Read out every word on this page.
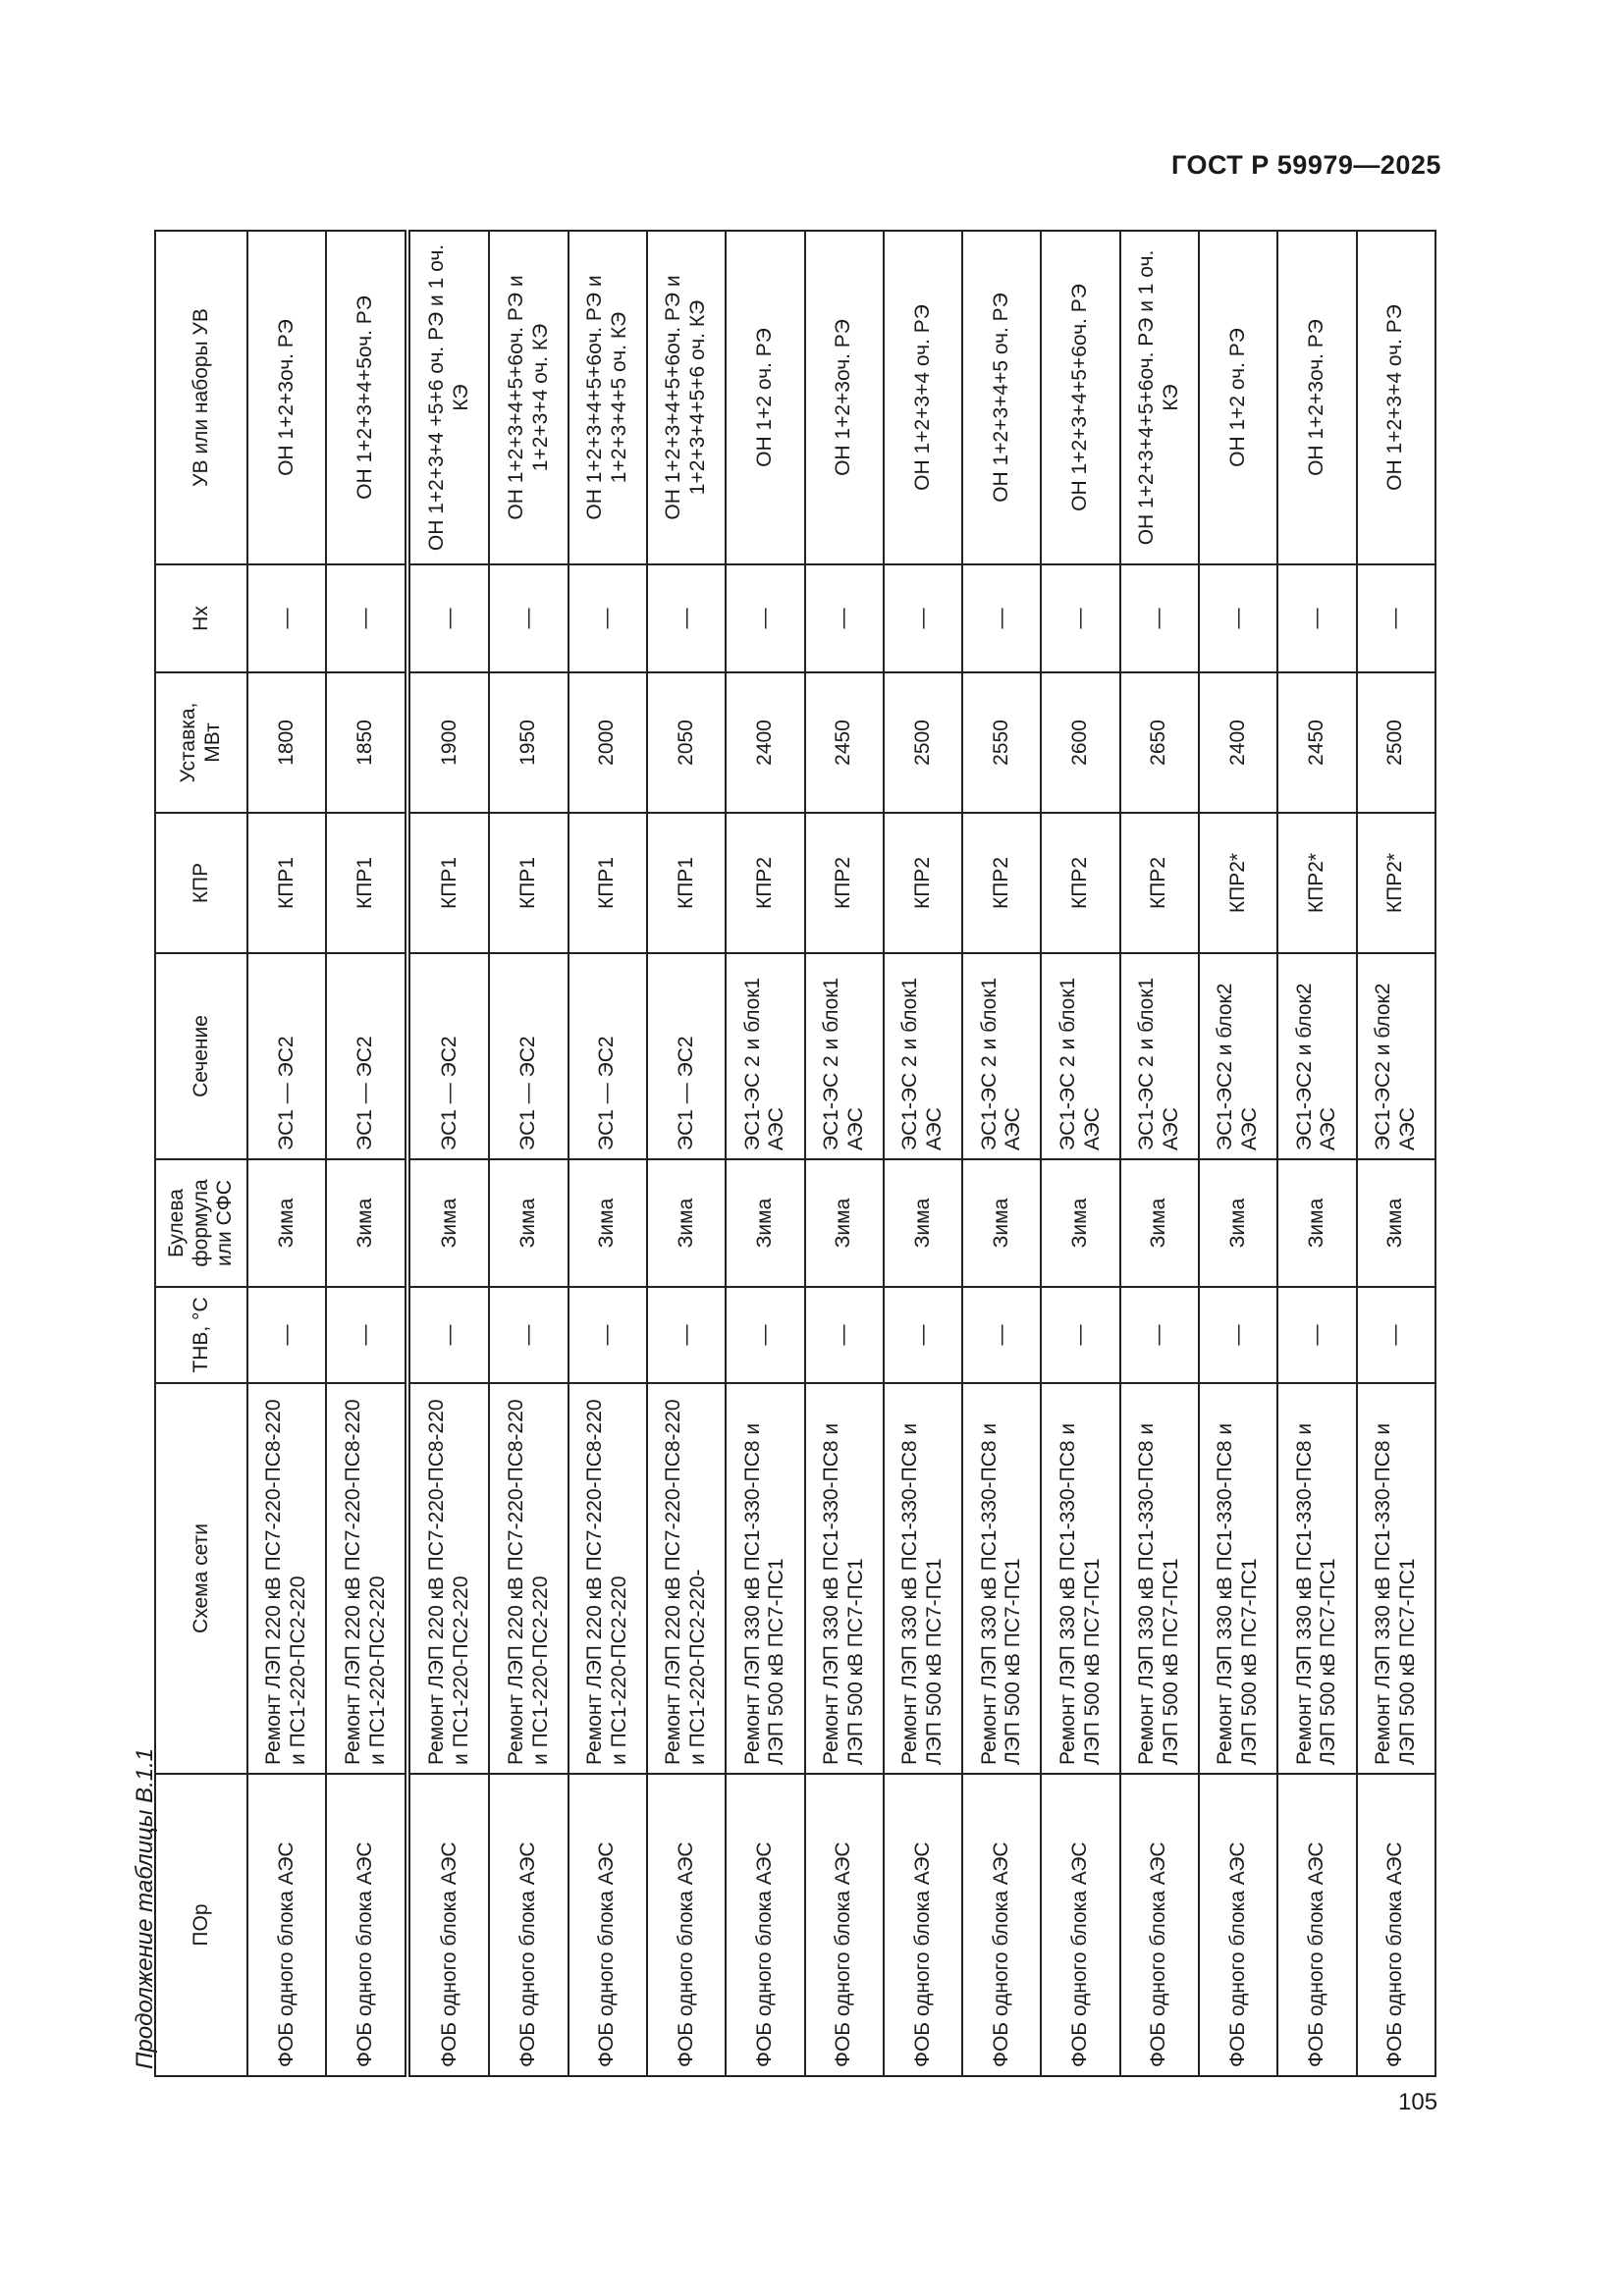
ГОСТ Р 59979—2025
Продолжение таблицы В.1.1 ПОр	Схема сети	ТНВ, °С	Булева формула или СФС	Сечение	КПР	Уставка, МВт	Нх	УВ или наборы УВ
ФОБ одного блока АЭС	Ремонт ЛЭП 220 кВ ПС7-220-ПС8-220 и ПС1-220-ПС2-220	—	Зима	ЭС1 — ЭС2	КПР1	1800	—	ОН 1+2+3оч. РЭ
ФОБ одного блока АЭС	Ремонт ЛЭП 220 кВ ПС7-220-ПС8-220 и ПС1-220-ПС2-220	—	Зима	ЭС1 — ЭС2	КПР1	1850	—	ОН 1+2+3+4+5оч. РЭ
ФОБ одного блока АЭС	Ремонт ЛЭП 220 кВ ПС7-220-ПС8-220 и ПС1-220-ПС2-220	—	Зима	ЭС1 — ЭС2	КПР1	1900	—	ОН 1+2+3+4 +5+6 оч. РЭ и 1 оч. КЭ
ФОБ одного блока АЭС	Ремонт ЛЭП 220 кВ ПС7-220-ПС8-220 и ПС1-220-ПС2-220	—	Зима	ЭС1 — ЭС2	КПР1	1950	—	ОН 1+2+3+4+5+6оч. РЭ и 1+2+3+4 оч. КЭ
ФОБ одного блока АЭС	Ремонт ЛЭП 220 кВ ПС7-220-ПС8-220 и ПС1-220-ПС2-220	—	Зима	ЭС1 — ЭС2	КПР1	2000	—	ОН 1+2+3+4+5+6оч. РЭ и 1+2+3+4+5 оч. КЭ
ФОБ одного блока АЭС	Ремонт ЛЭП 220 кВ ПС7-220-ПС8-220 и ПС1-220-ПС2-220-	—	Зима	ЭС1 — ЭС2	КПР1	2050	—	ОН 1+2+3+4+5+6оч. РЭ и 1+2+3+4+5+6 оч. КЭ
ФОБ одного блока АЭС	Ремонт ЛЭП 330 кВ ПС1-330-ПС8 и ЛЭП 500 кВ ПС7-ПС1	—	Зима	ЭС1-ЭС 2 и блок1 АЭС	КПР2	2400	—	ОН 1+2 оч. РЭ
ФОБ одного блока АЭС	Ремонт ЛЭП 330 кВ ПС1-330-ПС8 и ЛЭП 500 кВ ПС7-ПС1	—	Зима	ЭС1-ЭС 2 и блок1 АЭС	КПР2	2450	—	ОН 1+2+3оч. РЭ
ФОБ одного блока АЭС	Ремонт ЛЭП 330 кВ ПС1-330-ПС8 и ЛЭП 500 кВ ПС7-ПС1	—	Зима	ЭС1-ЭС 2 и блок1 АЭС	КПР2	2500	—	ОН 1+2+3+4 оч. РЭ
ФОБ одного блока АЭС	Ремонт ЛЭП 330 кВ ПС1-330-ПС8 и ЛЭП 500 кВ ПС7-ПС1	—	Зима	ЭС1-ЭС 2 и блок1 АЭС	КПР2	2550	—	ОН 1+2+3+4+5 оч. РЭ
ФОБ одного блока АЭС	Ремонт ЛЭП 330 кВ ПС1-330-ПС8 и ЛЭП 500 кВ ПС7-ПС1	—	Зима	ЭС1-ЭС 2 и блок1 АЭС	КПР2	2600	—	ОН 1+2+3+4+5+6оч. РЭ
ФОБ одного блока АЭС	Ремонт ЛЭП 330 кВ ПС1-330-ПС8 и ЛЭП 500 кВ ПС7-ПС1	—	Зима	ЭС1-ЭС 2 и блок1 АЭС	КПР2	2650	—	ОН 1+2+3+4+5+6оч. РЭ и 1 оч. КЭ
ФОБ одного блока АЭС	Ремонт ЛЭП 330 кВ ПС1-330-ПС8 и ЛЭП 500 кВ ПС7-ПС1	—	Зима	ЭС1-ЭС2 и блок2 АЭС	КПР2*	2400	—	ОН 1+2 оч. РЭ
ФОБ одного блока АЭС	Ремонт ЛЭП 330 кВ ПС1-330-ПС8 и ЛЭП 500 кВ ПС7-ПС1	—	Зима	ЭС1-ЭС2 и блок2 АЭС	КПР2*	2450	—	ОН 1+2+3оч. РЭ
ФОБ одного блока АЭС	Ремонт ЛЭП 330 кВ ПС1-330-ПС8 и ЛЭП 500 кВ ПС7-ПС1	—	Зима	ЭС1-ЭС2 и блок2 АЭС	КПР2*	2500	—	ОН 1+2+3+4 оч. РЭ
105
